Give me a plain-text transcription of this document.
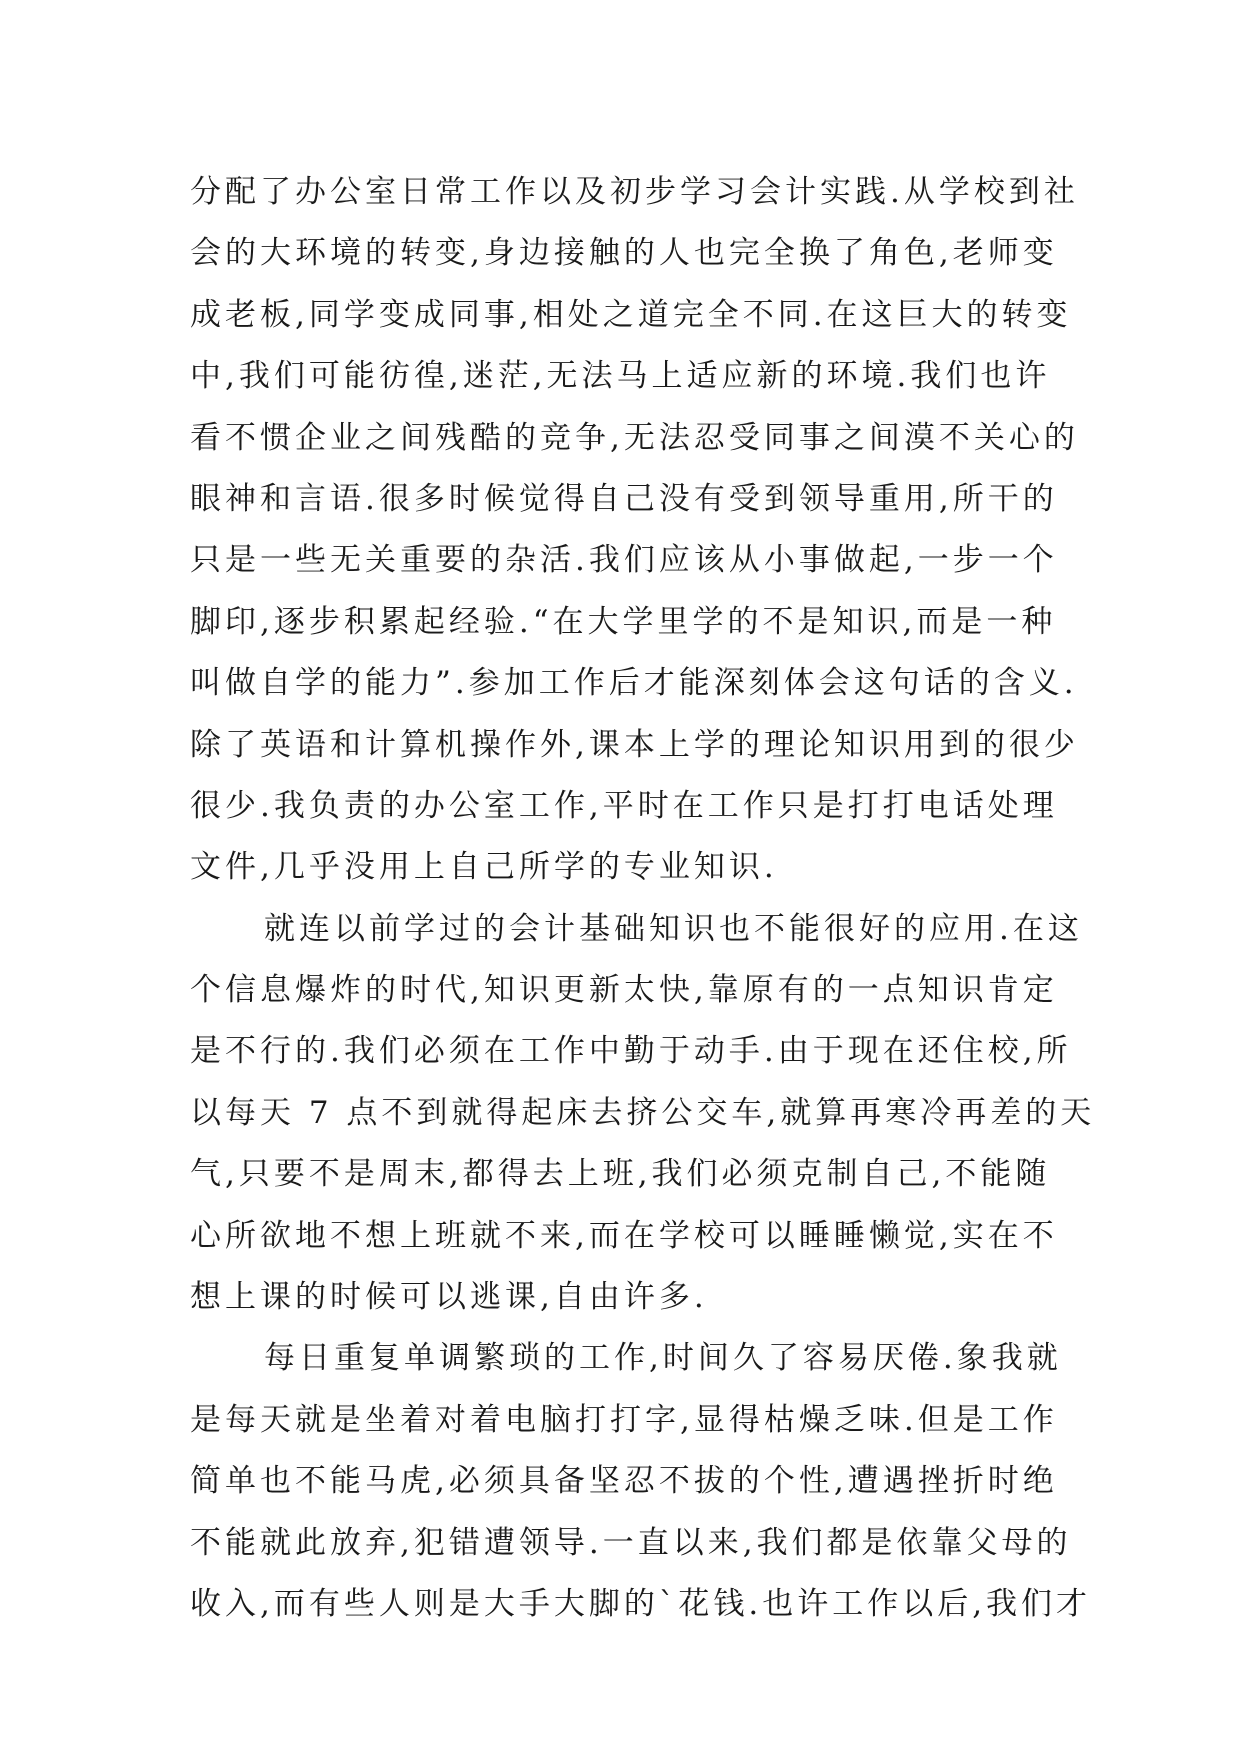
分配了办公室日常工作以及初步学习会计实践.从学校到社
会的大环境的转变,身边接触的人也完全换了角色,老师变
成老板,同学变成同事,相处之道完全不同.在这巨大的转变
中,我们可能彷徨,迷茫,无法马上适应新的环境.我们也许
看不惯企业之间残酷的竞争,无法忍受同事之间漠不关心的
眼神和言语.很多时候觉得自己没有受到领导重用,所干的
只是一些无关重要的杂活.我们应该从小事做起,一步一个
脚印,逐步积累起经验.“在大学里学的不是知识,而是一种
叫做自学的能力”.参加工作后才能深刻体会这句话的含义.
除了英语和计算机操作外,课本上学的理论知识用到的很少
很少.我负责的办公室工作,平时在工作只是打打电话处理
文件,几乎没用上自己所学的专业知识.
就连以前学过的会计基础知识也不能很好的应用.在这
个信息爆炸的时代,知识更新太快,靠原有的一点知识肯定
是不行的.我们必须在工作中勤于动手.由于现在还住校,所
以每天 7 点不到就得起床去挤公交车,就算再寒冷再差的天
气,只要不是周末,都得去上班,我们必须克制自己,不能随
心所欲地不想上班就不来,而在学校可以睡睡懒觉,实在不
想上课的时候可以逃课,自由许多.
每日重复单调繁琐的工作,时间久了容易厌倦.象我就
是每天就是坐着对着电脑打打字,显得枯燥乏味.但是工作
简单也不能马虎,必须具备坚忍不拔的个性,遭遇挫折时绝
不能就此放弃,犯错遭领导.一直以来,我们都是依靠父母的
收入,而有些人则是大手大脚的`花钱.也许工作以后,我们才
